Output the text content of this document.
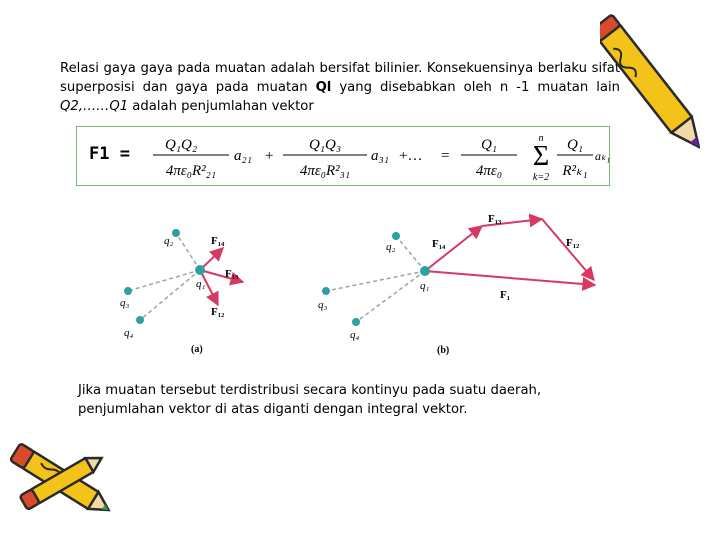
Relasi gaya gaya pada muatan adalah bersifat bilinier. Konsekuensinya berlaku sifat superposisi dan gaya pada muatan Ql yang disebabkan oleh n -1 muatan lain Q2,……Q1 adalah penjumlahan vektor
F1 = Q₁Q₂
4πε₀R²₂₁
a₂₁ +
Q₁Q₃
4πε₀R²₃₁
a₃₁ +… =
Q₁
4πε₀
n
Σ
k=2
Q₁
R²ₖ₁
aₖ₁
q₂
q₁
q₃
q₄
F₁₄
F₁₃
F₁₂
(a)
q₂
q₁
q₃
q₄
F₁₄
F₁₃
F₁₂
F₁
(b)
Jika muatan tersebut terdistribusi secara kontinyu pada suatu daerah, penjumlahan vektor di atas diganti dengan integral vektor.
